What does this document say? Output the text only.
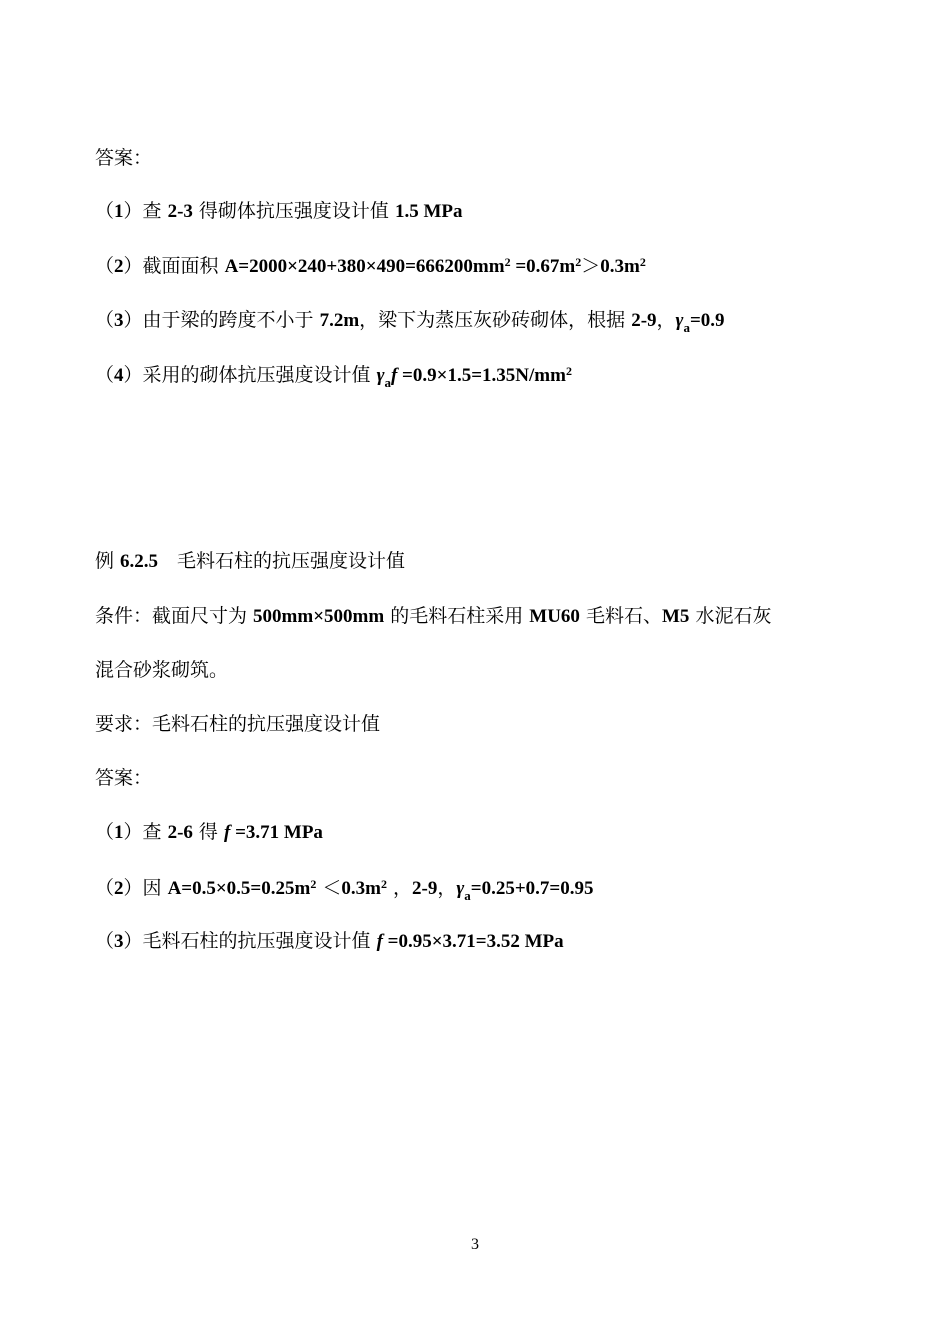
答案：
（1）查 2-3 得砌体抗压强度设计值 1.5 MPa
（2）截面面积 $A=2000\times 240+380\times 490=666200mm^2 =0.67m^2>0.3m^2$
（3）由于梁的跨度不小于 7.2m，梁下为蒸压灰砂砖砌体，根据 2-9，$\gamma_a=0.9$
（4）采用的砌体抗压强度设计值 $\gamma_af =0.9\times 1.5=1.35N/mm^2$
例 6.2.5　毛料石柱的抗压强度设计值
条件：截面尺寸为 500mm×500mm 的毛料石柱采用 MU60 毛料石、M5 水泥石灰
混合砂浆砌筑。
要求：毛料石柱的抗压强度设计值
答案：
（1）查 2-6 得 f =3.71 MPa
（2）因 $A=0.5\times 0.5=0.25m^2 <0.3m^2$ ，2-9，$\gamma_a=0.25+0.7=0.95$
（3）毛料石柱的抗压强度设计值 f =0.95×3.71=3.52 MPa
3
